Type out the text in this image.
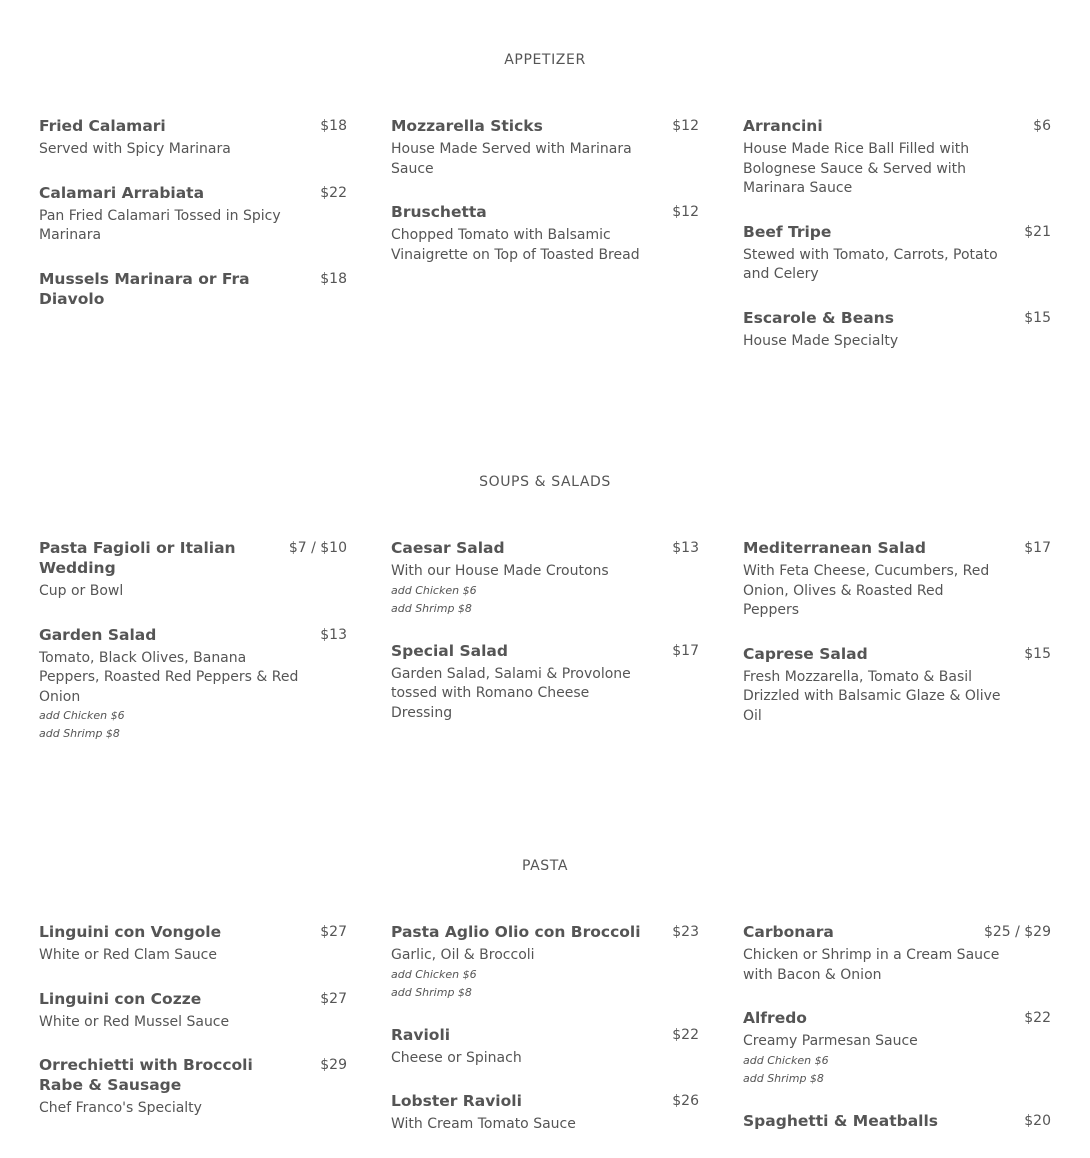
APPETIZER
SOUPS & SALADS
PASTA
Fried Calamari	$18
Served with Spicy Marinara
Calamari Arrabiata	$22
Pan Fried Calamari Tossed in Spicy Marinara
Mussels Marinara or Fra Diavolo
$18
Mozzarella Sticks	$12
House Made Served with Marinara Sauce
Bruschetta	$12
Chopped Tomato with Balsamic Vinaigrette on Top of Toasted Bread
Arrancini	$6
House Made Rice Ball Filled with Bolognese Sauce & Served with Marinara Sauce
Beef Tripe	$21
Stewed with Tomato, Carrots, Potato and Celery
Escarole & Beans	$15
House Made Specialty
Pasta Fagioli or Italian Wedding
$7 / $10
Cup or Bowl
Garden Salad	$13
Tomato, Black Olives, Banana Peppers, Roasted Red Peppers & Red Onion
add Chicken $6
add Shrimp $8
Caesar Salad	$13
With our House Made Croutons
add Chicken $6
add Shrimp $8
Special Salad	$17
Garden Salad, Salami & Provolone tossed with Romano Cheese Dressing
Mediterranean Salad	$17
With Feta Cheese, Cucumbers, Red Onion, Olives & Roasted Red Peppers
Caprese Salad	$15
Fresh Mozzarella, Tomato & Basil Drizzled with Balsamic Glaze & Olive Oil
Linguini con Vongole	$27
White or Red Clam Sauce
Linguini con Cozze	$27
White or Red Mussel Sauce
Orrechietti with Broccoli Rabe & Sausage
$29
Chef Franco's Specialty
Pasta Aglio Olio con Broccoli	$23
Garlic, Oil & Broccoli
add Chicken $6
add Shrimp $8
Ravioli	$22
Cheese or Spinach
Lobster Ravioli	$26
With Cream Tomato Sauce
Carbonara	$25 / $29
Chicken or Shrimp in a Cream Sauce with Bacon & Onion
Alfredo	$22
Creamy Parmesan Sauce
add Chicken $6
add Shrimp $8
Spaghetti & Meatballs	$20
